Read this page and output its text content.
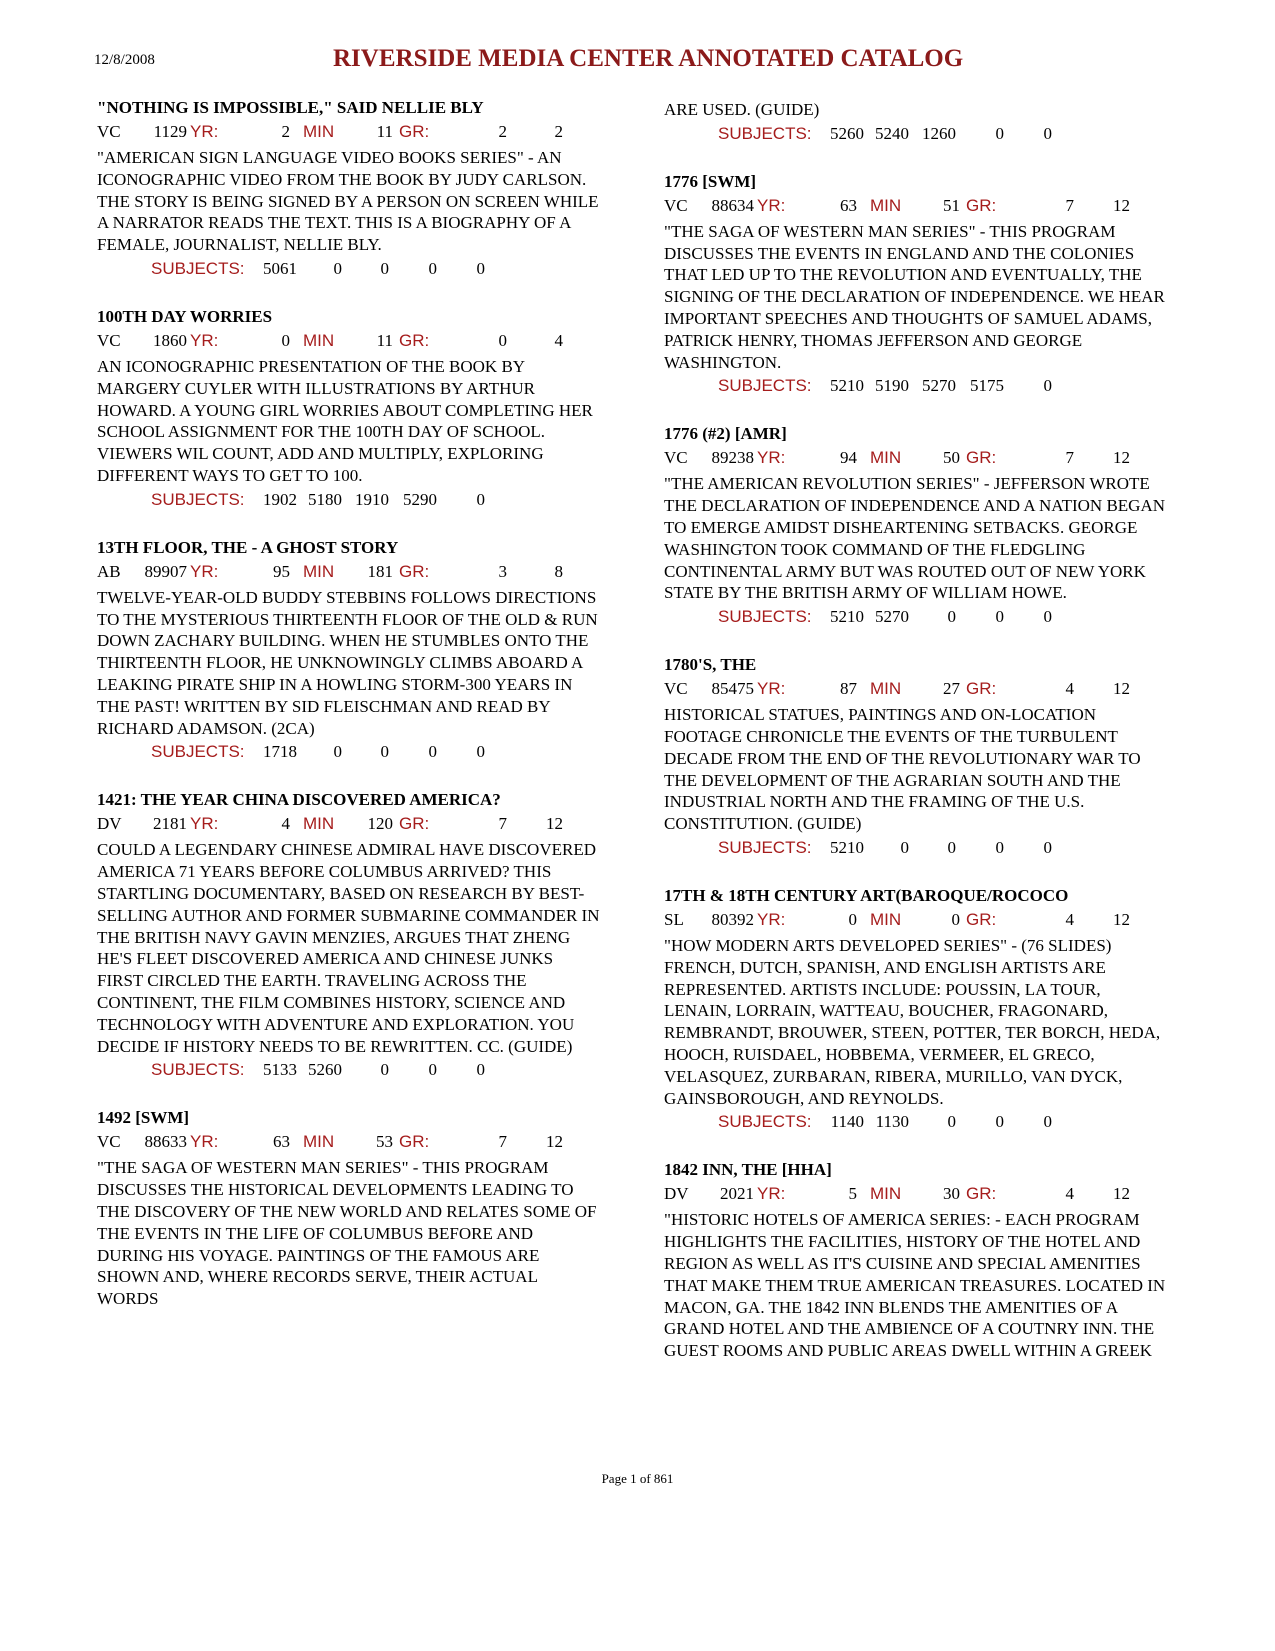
12/8/2008	RIVERSIDE MEDIA CENTER ANNOTATED CATALOG
"NOTHING IS IMPOSSIBLE," SAID NELLIE BLY
VC	1129 YR:	2 MIN	11 GR:	2	2
"AMERICAN SIGN LANGUAGE VIDEO BOOKS SERIES" - AN ICONOGRAPHIC VIDEO FROM THE BOOK BY JUDY CARLSON. THE STORY IS BEING SIGNED BY A PERSON ON SCREEN WHILE A NARRATOR READS THE TEXT. THIS IS A BIOGRAPHY OF A FEMALE, JOURNALIST, NELLIE BLY.
SUBJECTS:	5061	0	0	0	0
100TH DAY WORRIES
VC	1860 YR:	0 MIN	11 GR:	0	4
AN ICONOGRAPHIC PRESENTATION OF THE BOOK BY MARGERY CUYLER WITH ILLUSTRATIONS BY ARTHUR HOWARD. A YOUNG GIRL WORRIES ABOUT COMPLETING HER SCHOOL ASSIGNMENT FOR THE 100TH DAY OF SCHOOL. VIEWERS WIL COUNT, ADD AND MULTIPLY, EXPLORING DIFFERENT WAYS TO GET TO 100.
SUBJECTS:	1902 5180 1910 5290	0
13TH FLOOR, THE - A GHOST STORY
AB	89907 YR:	95 MIN	181 GR:	3	8
TWELVE-YEAR-OLD BUDDY STEBBINS FOLLOWS DIRECTIONS TO THE MYSTERIOUS THIRTEENTH FLOOR OF THE OLD & RUN DOWN ZACHARY BUILDING. WHEN HE STUMBLES ONTO THE THIRTEENTH FLOOR, HE UNKNOWINGLY CLIMBS ABOARD A LEAKING PIRATE SHIP IN A HOWLING STORM-300 YEARS IN THE PAST! WRITTEN BY SID FLEISCHMAN AND READ BY RICHARD ADAMSON. (2CA)
SUBJECTS:	1718	0	0	0	0
1421: THE YEAR CHINA DISCOVERED AMERICA?
DV	2181 YR:	4 MIN	120 GR:	7	12
COULD A LEGENDARY CHINESE ADMIRAL HAVE DISCOVERED AMERICA 71 YEARS BEFORE COLUMBUS ARRIVED? THIS STARTLING DOCUMENTARY, BASED ON RESEARCH BY BEST-SELLING AUTHOR AND FORMER SUBMARINE COMMANDER IN THE BRITISH NAVY GAVIN MENZIES, ARGUES THAT ZHENG HE'S FLEET DISCOVERED AMERICA AND CHINESE JUNKS FIRST CIRCLED THE EARTH. TRAVELING ACROSS THE CONTINENT, THE FILM COMBINES HISTORY, SCIENCE AND TECHNOLOGY WITH ADVENTURE AND EXPLORATION. YOU DECIDE IF HISTORY NEEDS TO BE REWRITTEN. CC. (GUIDE)
SUBJECTS:	5133 5260	0	0	0
1492 [SWM]
VC	88633 YR:	63 MIN	53 GR:	7	12
"THE SAGA OF WESTERN MAN SERIES" - THIS PROGRAM DISCUSSES THE HISTORICAL DEVELOPMENTS LEADING TO THE DISCOVERY OF THE NEW WORLD AND RELATES SOME OF THE EVENTS IN THE LIFE OF COLUMBUS BEFORE AND DURING HIS VOYAGE. PAINTINGS OF THE FAMOUS ARE SHOWN AND, WHERE RECORDS SERVE, THEIR ACTUAL WORDS
ARE USED. (GUIDE)
SUBJECTS:	5260 5240 1260	0	0
1776 [SWM]
VC	88634 YR:	63 MIN	51 GR:	7	12
"THE SAGA OF WESTERN MAN SERIES" - THIS PROGRAM DISCUSSES THE EVENTS IN ENGLAND AND THE COLONIES THAT LED UP TO THE REVOLUTION AND EVENTUALLY, THE SIGNING OF THE DECLARATION OF INDEPENDENCE. WE HEAR IMPORTANT SPEECHES AND THOUGHTS OF SAMUEL ADAMS, PATRICK HENRY, THOMAS JEFFERSON AND GEORGE WASHINGTON.
SUBJECTS:	5210 5190 5270 5175	0
1776 (#2) [AMR]
VC	89238 YR:	94 MIN	50 GR:	7	12
"THE AMERICAN REVOLUTION SERIES" - JEFFERSON WROTE THE DECLARATION OF INDEPENDENCE AND A NATION BEGAN TO EMERGE AMIDST DISHEARTENING SETBACKS. GEORGE WASHINGTON TOOK COMMAND OF THE FLEDGLING CONTINENTAL ARMY BUT WAS ROUTED OUT OF NEW YORK STATE BY THE BRITISH ARMY OF WILLIAM HOWE.
SUBJECTS:	5210 5270	0	0	0
1780'S, THE
VC	85475 YR:	87 MIN	27 GR:	4	12
HISTORICAL STATUES, PAINTINGS AND ON-LOCATION FOOTAGE CHRONICLE THE EVENTS OF THE TURBULENT DECADE FROM THE END OF THE REVOLUTIONARY WAR TO THE DEVELOPMENT OF THE AGRARIAN SOUTH AND THE INDUSTRIAL NORTH AND THE FRAMING OF THE U.S. CONSTITUTION. (GUIDE)
SUBJECTS:	5210	0	0	0	0
17TH & 18TH CENTURY ART(BAROQUE/ROCOCO
SL	80392 YR:	0 MIN	0 GR:	4	12
"HOW MODERN ARTS DEVELOPED SERIES" - (76 SLIDES) FRENCH, DUTCH, SPANISH, AND ENGLISH ARTISTS ARE REPRESENTED. ARTISTS INCLUDE: POUSSIN, LA TOUR, LENAIN, LORRAIN, WATTEAU, BOUCHER, FRAGONARD, REMBRANDT, BROUWER, STEEN, POTTER, TER BORCH, HEDA, HOOCH, RUISDAEL, HOBBEMA, VERMEER, EL GRECO, VELASQUEZ, ZURBARAN, RIBERA, MURILLO, VAN DYCK, GAINSBOROUGH, AND REYNOLDS.
SUBJECTS:	1140 1130	0	0	0
1842 INN, THE [HHA]
DV	2021 YR:	5 MIN	30 GR:	4	12
"HISTORIC HOTELS OF AMERICA SERIES: - EACH PROGRAM HIGHLIGHTS THE FACILITIES, HISTORY OF THE HOTEL AND REGION AS WELL AS IT'S CUISINE AND SPECIAL AMENITIES THAT MAKE THEM TRUE AMERICAN TREASURES. LOCATED IN MACON, GA. THE 1842 INN BLENDS THE AMENITIES OF A GRAND HOTEL AND THE AMBIENCE OF A COUTNRY INN. THE GUEST ROOMS AND PUBLIC AREAS DWELL WITHIN A GREEK
Page 1 of 861
